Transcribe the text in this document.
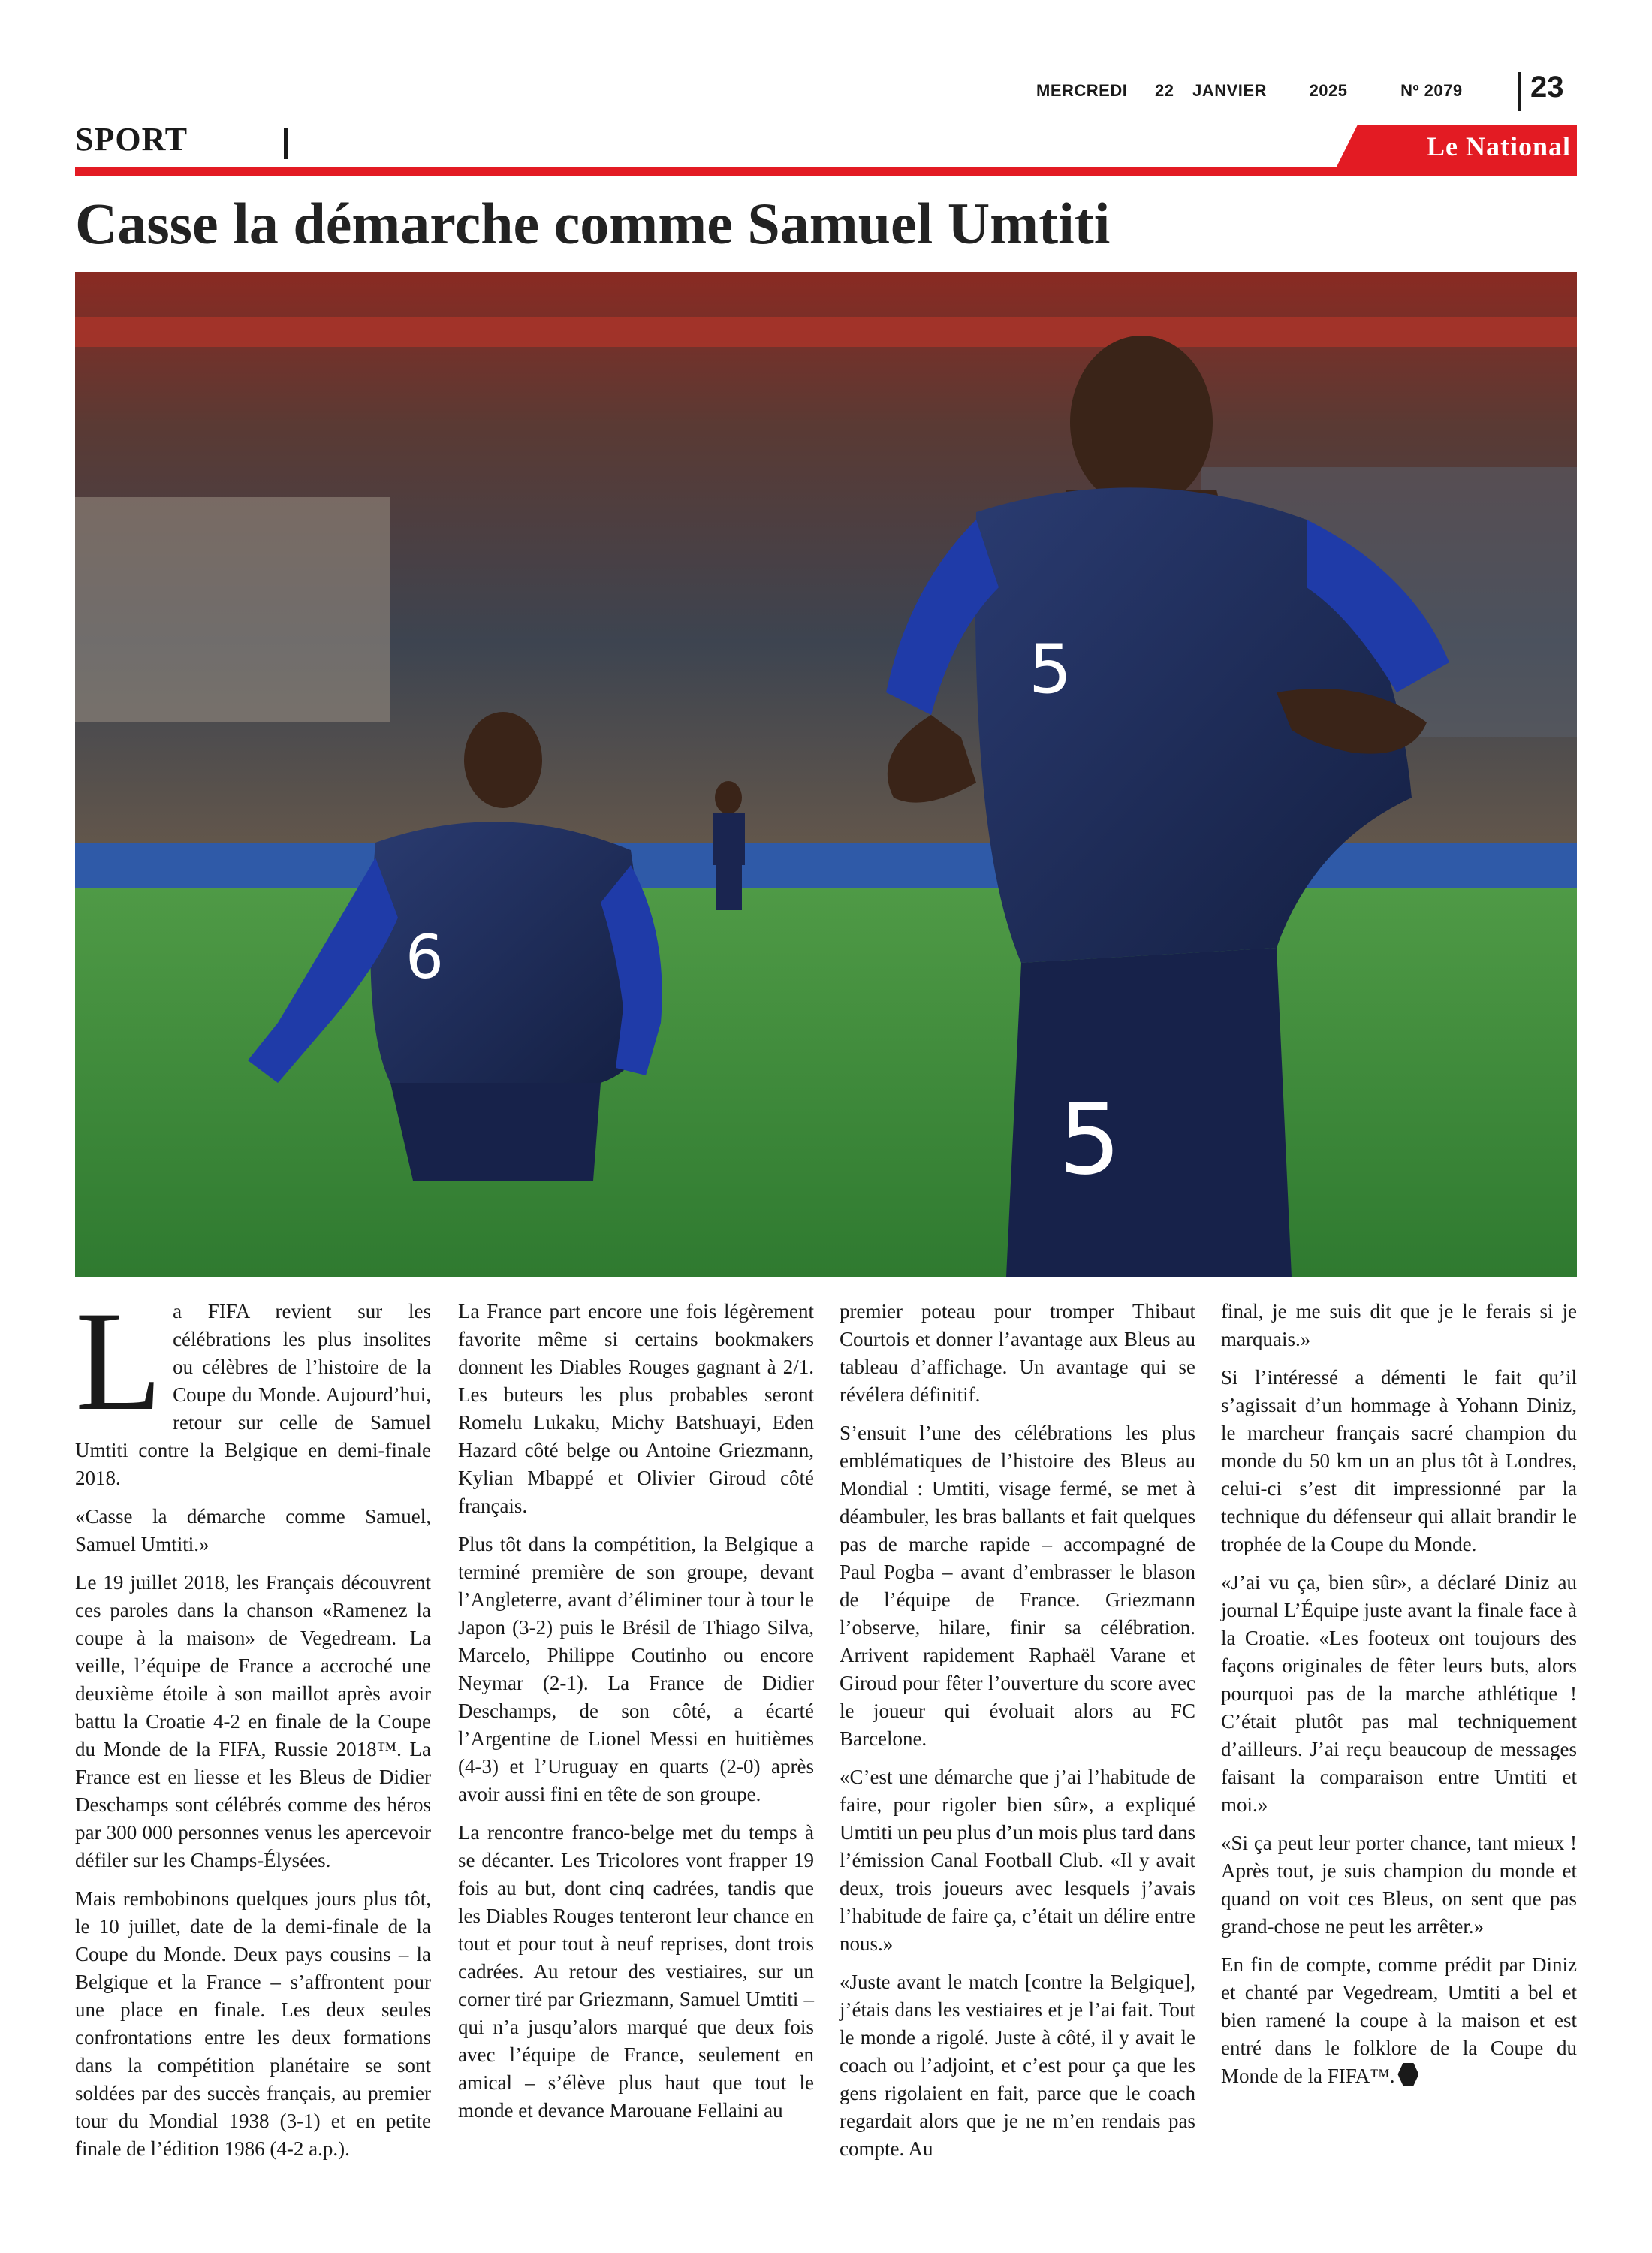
MERCREDI 22 JANVIER	2025	Nº 2079 23
SPORT	Le National
Casse la démarche comme Samuel Umtiti
6
5
5

La FIFA revient sur les célébrations les plus insolites ou célèbres de l’histoire de la Coupe du Monde. Aujourd’hui, retour sur celle de Samuel Umtiti contre la Belgique en demi-finale 2018.

«Casse la démarche comme Samuel, Samuel Umtiti.»

Le 19 juillet 2018, les Français découvrent ces paroles dans la chanson «Ramenez la coupe à la maison» de Vegedream. La veille, l’équipe de France a accroché une deuxième étoile à son maillot après avoir battu la Croatie 4-2 en finale de la Coupe du Monde de la FIFA, Russie 2018™. La France est en liesse et les Bleus de Didier Deschamps sont célébrés comme des héros par 300 000 personnes venus les apercevoir défiler sur les Champs-Élysées.

Mais rembobinons quelques jours plus tôt, le 10 juillet, date de la demi-finale de la Coupe du Monde. Deux pays cousins – la Belgique et la France – s’affrontent pour une place en finale. Les deux seules confrontations entre les deux formations dans la compétition planétaire se sont soldées par des succès français, au premier tour du Mondial 1938 (3-1) et en petite finale de l’édition 1986 (4-2 a.p.).

La France part encore une fois légèrement favorite même si certains bookmakers donnent les Diables Rouges gagnant à 2/1. Les buteurs les plus probables seront Romelu Lukaku, Michy Batshuayi, Eden Hazard côté belge ou Antoine Griezmann, Kylian Mbappé et Olivier Giroud côté français.

Plus tôt dans la compétition, la Belgique a terminé première de son groupe, devant l’Angleterre, avant d’éliminer tour à tour le Japon (3-2) puis le Brésil de Thiago Silva, Marcelo, Philippe Coutinho ou encore Neymar (2-1). La France de Didier Deschamps, de son côté, a écarté l’Argentine de Lionel Messi en huitièmes (4-3) et l’Uruguay en quarts (2-0) après avoir aussi fini en tête de son groupe.

La rencontre franco-belge met du temps à se décanter. Les Tricolores vont frapper 19 fois au but, dont cinq cadrées, tandis que les Diables Rouges tenteront leur chance en tout et pour tout à neuf reprises, dont trois cadrées. Au retour des vestiaires, sur un corner tiré par Griezmann, Samuel Umtiti – qui n’a jusqu’alors marqué que deux fois avec l’équipe de France, seulement en amical – s’élève plus haut que tout le monde et devance Marouane Fellaini au

premier poteau pour tromper Thibaut Courtois et donner l’avantage aux Bleus au tableau d’affichage. Un avantage qui se révélera définitif.

S’ensuit l’une des célébrations les plus emblématiques de l’histoire des Bleus au Mondial : Umtiti, visage fermé, se met à déambuler, les bras ballants et fait quelques pas de marche rapide – accompagné de Paul Pogba – avant d’embrasser le blason de l’équipe de France. Griezmann l’observe, hilare, finir sa célébration. Arrivent rapidement Raphaël Varane et Giroud pour fêter l’ouverture du score avec le joueur qui évoluait alors au FC Barcelone.

«C’est une démarche que j’ai l’habitude de faire, pour rigoler bien sûr», a expliqué Umtiti un peu plus d’un mois plus tard dans l’émission Canal Football Club. «Il y avait deux, trois joueurs avec lesquels j’avais l’habitude de faire ça, c’était un délire entre nous.»

«Juste avant le match [contre la Belgique], j’étais dans les vestiaires et je l’ai fait. Tout le monde a rigolé. Juste à côté, il y avait le coach ou l’adjoint, et c’est pour ça que les gens rigolaient en fait, parce que le coach regardait alors que je ne m’en rendais pas compte. Au

final, je me suis dit que je le ferais si je marquais.»

Si l’intéressé a démenti le fait qu’il s’agissait d’un hommage à Yohann Diniz, le marcheur français sacré champion du monde du 50 km un an plus tôt à Londres, celui-ci s’est dit impressionné par la technique du défenseur qui allait brandir le trophée de la Coupe du Monde.

«J’ai vu ça, bien sûr», a déclaré Diniz au journal L’Équipe juste avant la finale face à la Croatie. «Les footeux ont toujours des façons originales de fêter leurs buts, alors pourquoi pas de la marche athlétique ! C’était plutôt pas mal techniquement d’ailleurs. J’ai reçu beaucoup de messages faisant la comparaison entre Umtiti et moi.»

«Si ça peut leur porter chance, tant mieux ! Après tout, je suis champion du monde et quand on voit ces Bleus, on sent que pas grand-chose ne peut les arrêter.»

En fin de compte, comme prédit par Diniz et chanté par Vegedream, Umtiti a bel et bien ramené la coupe à la maison et est entré dans le folklore de la Coupe du Monde de la FIFA™.
